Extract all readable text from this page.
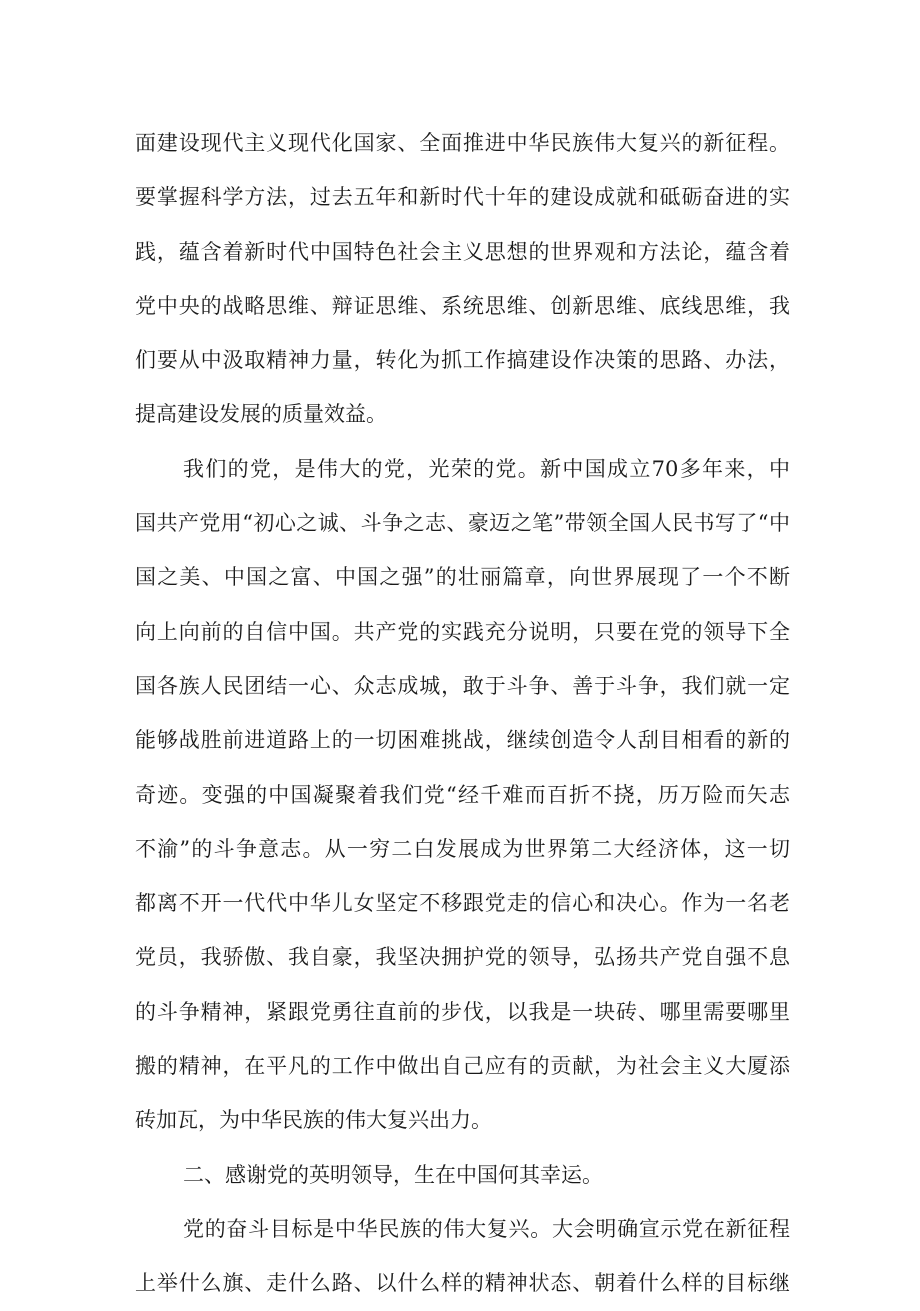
面建设现代主义现代化国家、全面推进中华民族伟大复兴的新征程。
要掌握科学方法，过去五年和新时代十年的建设成就和砥砺奋进的实
践，蕴含着新时代中国特色社会主义思想的世界观和方法论，蕴含着
党中央的战略思维、辩证思维、系统思维、创新思维、底线思维，我
们要从中汲取精神力量，转化为抓工作搞建设作决策的思路、办法，
提高建设发展的质量效益。
我们的党，是伟大的党，光荣的党。新中国成立70多年来，中
国共产党用“初心之诚、斗争之志、豪迈之笔”带领全国人民书写了“中
国之美、中国之富、中国之强”的壮丽篇章，向世界展现了一个不断
向上向前的自信中国。共产党的实践充分说明，只要在党的领导下全
国各族人民团结一心、众志成城，敢于斗争、善于斗争，我们就一定
能够战胜前进道路上的一切困难挑战，继续创造令人刮目相看的新的
奇迹。变强的中国凝聚着我们党“经千难而百折不挠，历万险而矢志
不渝”的斗争意志。从一穷二白发展成为世界第二大经济体，这一切
都离不开一代代中华儿女坚定不移跟党走的信心和决心。作为一名老
党员，我骄傲、我自豪，我坚决拥护党的领导，弘扬共产党自强不息
的斗争精神，紧跟党勇往直前的步伐，以我是一块砖、哪里需要哪里
搬的精神，在平凡的工作中做出自己应有的贡献，为社会主义大厦添
砖加瓦，为中华民族的伟大复兴出力。
二、感谢党的英明领导，生在中国何其幸运。
党的奋斗目标是中华民族的伟大复兴。大会明确宣示党在新征程
上举什么旗、走什么路、以什么样的精神状态、朝着什么样的目标继
